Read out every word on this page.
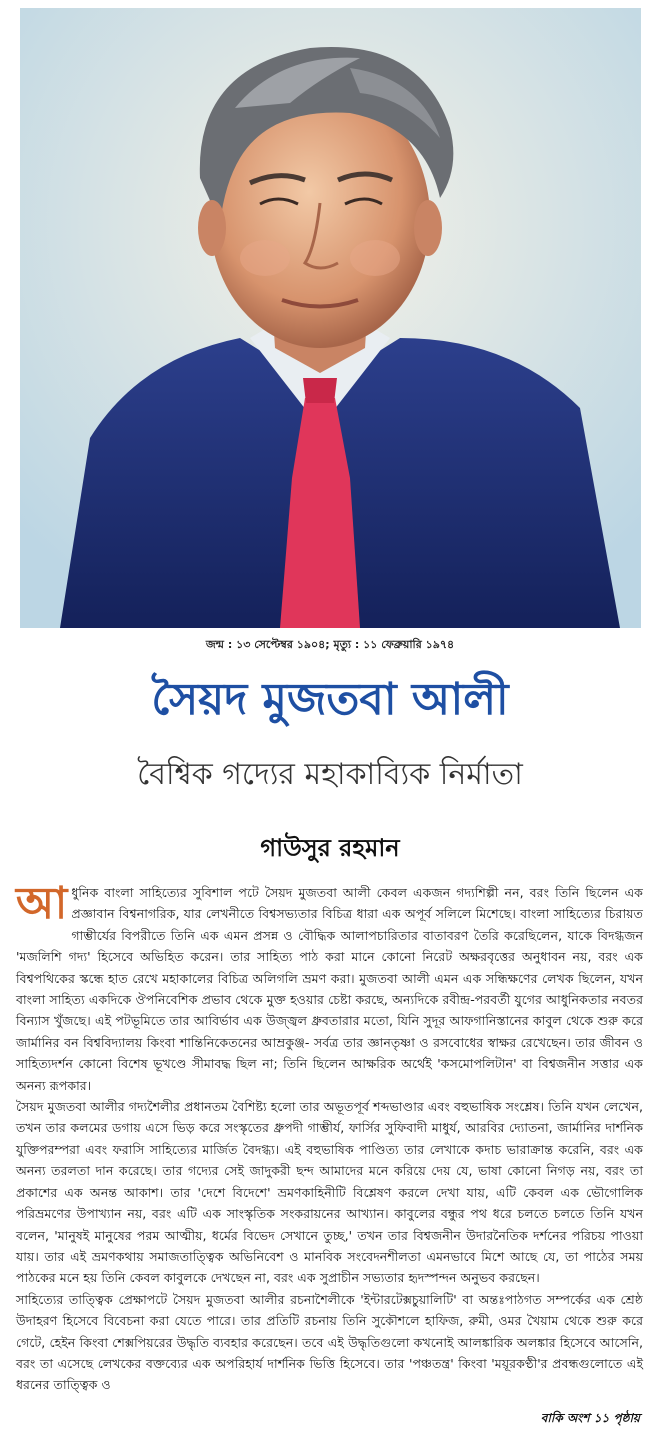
জন্ম : ১৩ সেপ্টেম্বর ১৯০৪; মৃত্যু : ১১ ফেব্রুয়ারি ১৯৭৪
সৈয়দ মুজতবা আলী
বৈশ্বিক গদ্যের মহাকাব্যিক নির্মাতা
গাউসুর রহমান

আ ধুনিক বাংলা সাহিত্যের সুবিশাল পটে সৈয়দ মুজতবা আলী কেবল একজন গদ্যশিল্পী নন, বরং তিনি ছিলেন এক প্রজ্ঞাবান বিশ্বনাগরিক, যার লেখনীতে বিশ্বসভ্যতার বিচিত্র ধারা এক অপূর্ব সলিলে মিশেছে। বাংলা সাহিত্যের চিরায়ত গাম্ভীর্যের বিপরীতে তিনি এক এমন প্রসন্ন ও বৌদ্ধিক আলাপচারিতার বাতাবরণ তৈরি করেছিলেন, যাকে বিদগ্ধজন 'মজলিশি গদ্য' হিসেবে অভিহিত করেন। তার সাহিত্য পাঠ করা মানে কোনো নিরেট অক্ষরবৃত্তের অনুধাবন নয়, বরং এক বিশ্বপথিকের স্কন্ধে হাত রেখে মহাকালের বিচিত্র অলিগলি ভ্রমণ করা। মুজতবা আলী এমন এক সন্ধিক্ষণের লেখক ছিলেন, যখন বাংলা সাহিত্য একদিকে ঔপনিবেশিক প্রভাব থেকে মুক্ত হওয়ার চেষ্টা করছে, অন্যদিকে রবীন্দ্র-পরবর্তী যুগের আধুনিকতার নবতর বিন্যাস খুঁজছে। এই পটভূমিতে তার আবির্ভাব এক উজ্জ্বল ধ্রুবতারার মতো, যিনি সুদূর আফগানিস্তানের কাবুল থেকে শুরু করে জার্মানির বন বিশ্ববিদ্যালয় কিংবা শান্তিনিকেতনের আম্রকুঞ্জ- সর্বত্র তার জ্ঞানতৃষ্ণা ও রসবোধের স্বাক্ষর রেখেছেন। তার জীবন ও সাহিত্যদর্শন কোনো বিশেষ ভূখণ্ডে সীমাবদ্ধ ছিল না; তিনি ছিলেন আক্ষরিক অর্থেই 'কসমোপলিটান' বা বিশ্বজনীন সত্তার এক অনন্য রূপকার।

সৈয়দ মুজতবা আলীর গদ্যশৈলীর প্রধানতম বৈশিষ্ট্য হলো তার অভূতপূর্ব শব্দভাণ্ডার এবং বহুভাষিক সংশ্লেষ। তিনি যখন লেখেন, তখন তার কলমের ডগায় এসে ভিড় করে সংস্কৃতের ধ্রুপদী গাম্ভীর্য, ফার্সির সুফিবাদী মাধুর্য, আরবির দ্যোতনা, জার্মানির দার্শনিক যুক্তিপরম্পরা এবং ফরাসি সাহিত্যের মার্জিত বৈদগ্ধ্য। এই বহুভাষিক পাণ্ডিত্য তার লেখাকে কদাচ ভারাক্রান্ত করেনি, বরং এক অনন্য তরলতা দান করেছে। তার গদ্যের সেই জাদুকরী ছন্দ আমাদের মনে করিয়ে দেয় যে, ভাষা কোনো নিগড় নয়, বরং তা প্রকাশের এক অনন্ত আকাশ। তার 'দেশে বিদেশে' ভ্রমণকাহিনীটি বিশ্লেষণ করলে দেখা যায়, এটি কেবল এক ভৌগোলিক পরিভ্রমণের উপাখ্যান নয়, বরং এটি এক সাংস্কৃতিক সংকরায়নের আখ্যান। কাবুলের বন্ধুর পথ ধরে চলতে চলতে তিনি যখন বলেন, 'মানুষই মানুষের পরম আত্মীয়, ধর্মের বিভেদ সেখানে তুচ্ছ,' তখন তার বিশ্বজনীন উদারনৈতিক দর্শনের পরিচয় পাওয়া যায়। তার এই ভ্রমণকথায় সমাজতাত্ত্বিক অভিনিবেশ ও মানবিক সংবেদনশীলতা এমনভাবে মিশে আছে যে, তা পাঠের সময় পাঠকের মনে হয় তিনি কেবল কাবুলকে দেখছেন না, বরং এক সুপ্রাচীন সভ্যতার হৃদস্পন্দন অনুভব করছেন।

সাহিত্যের তাত্ত্বিক প্রেক্ষাপটে সৈয়দ মুজতবা আলীর রচনাশৈলীকে 'ইন্টারটেক্সচুয়ালিটি' বা অন্তঃপাঠগত সম্পর্কের এক শ্রেষ্ঠ উদাহরণ হিসেবে বিবেচনা করা যেতে পারে। তার প্রতিটি রচনায় তিনি সুকৌশলে হাফিজ, রুমী, ওমর খৈয়াম থেকে শুরু করে গেটে, হেইন কিংবা শেক্সপিয়রের উদ্ধৃতি ব্যবহার করেছেন। তবে এই উদ্ধৃতিগুলো কখনোই আলঙ্কারিক অলঙ্কার হিসেবে আসেনি, বরং তা এসেছে লেখকের বক্তব্যের এক অপরিহার্য দার্শনিক ভিত্তি হিসেবে। তার 'পঞ্চতন্ত্র' কিংবা 'ময়ূরকণ্ঠী'র প্রবন্ধগুলোতে এই ধরনের তাত্ত্বিক ও

বাকি অংশ ১১ পৃষ্ঠায়
